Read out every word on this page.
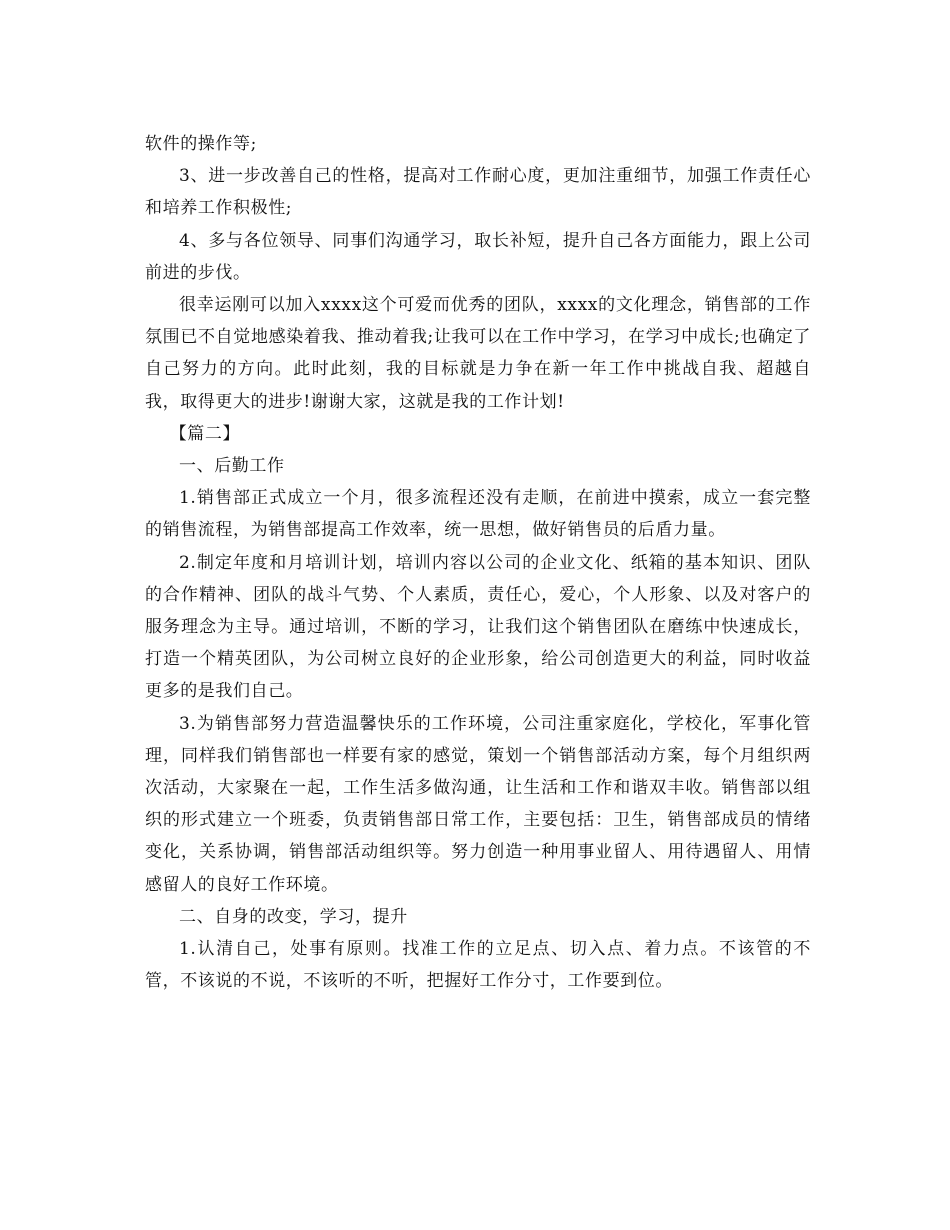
软件的操作等;

3、进一步改善自己的性格，提高对工作耐心度，更加注重细节，加强工作责任心和培养工作积极性;

4、多与各位领导、同事们沟通学习，取长补短，提升自己各方面能力，跟上公司前进的步伐。

很幸运刚可以加入xxxx这个可爱而优秀的团队，xxxx的文化理念，销售部的工作氛围已不自觉地感染着我、推动着我;让我可以在工作中学习，在学习中成长;也确定了自己努力的方向。此时此刻，我的目标就是力争在新一年工作中挑战自我、超越自我，取得更大的进步!谢谢大家，这就是我的工作计划!

【篇二】

一、后勤工作

1.销售部正式成立一个月，很多流程还没有走顺，在前进中摸索，成立一套完整的销售流程，为销售部提高工作效率，统一思想，做好销售员的后盾力量。

2.制定年度和月培训计划，培训内容以公司的企业文化、纸箱的基本知识、团队的合作精神、团队的战斗气势、个人素质，责任心，爱心，个人形象、以及对客户的服务理念为主导。通过培训，不断的学习，让我们这个销售团队在磨练中快速成长，打造一个精英团队，为公司树立良好的企业形象，给公司创造更大的利益，同时收益更多的是我们自己。

3.为销售部努力营造温馨快乐的工作环境，公司注重家庭化，学校化，军事化管理，同样我们销售部也一样要有家的感觉，策划一个销售部活动方案，每个月组织两次活动，大家聚在一起，工作生活多做沟通，让生活和工作和谐双丰收。销售部以组织的形式建立一个班委，负责销售部日常工作，主要包括：卫生，销售部成员的情绪变化，关系协调，销售部活动组织等。努力创造一种用事业留人、用待遇留人、用情感留人的良好工作环境。

二、自身的改变，学习，提升

1.认清自己，处事有原则。找准工作的立足点、切入点、着力点。不该管的不管，不该说的不说，不该听的不听，把握好工作分寸，工作要到位。
